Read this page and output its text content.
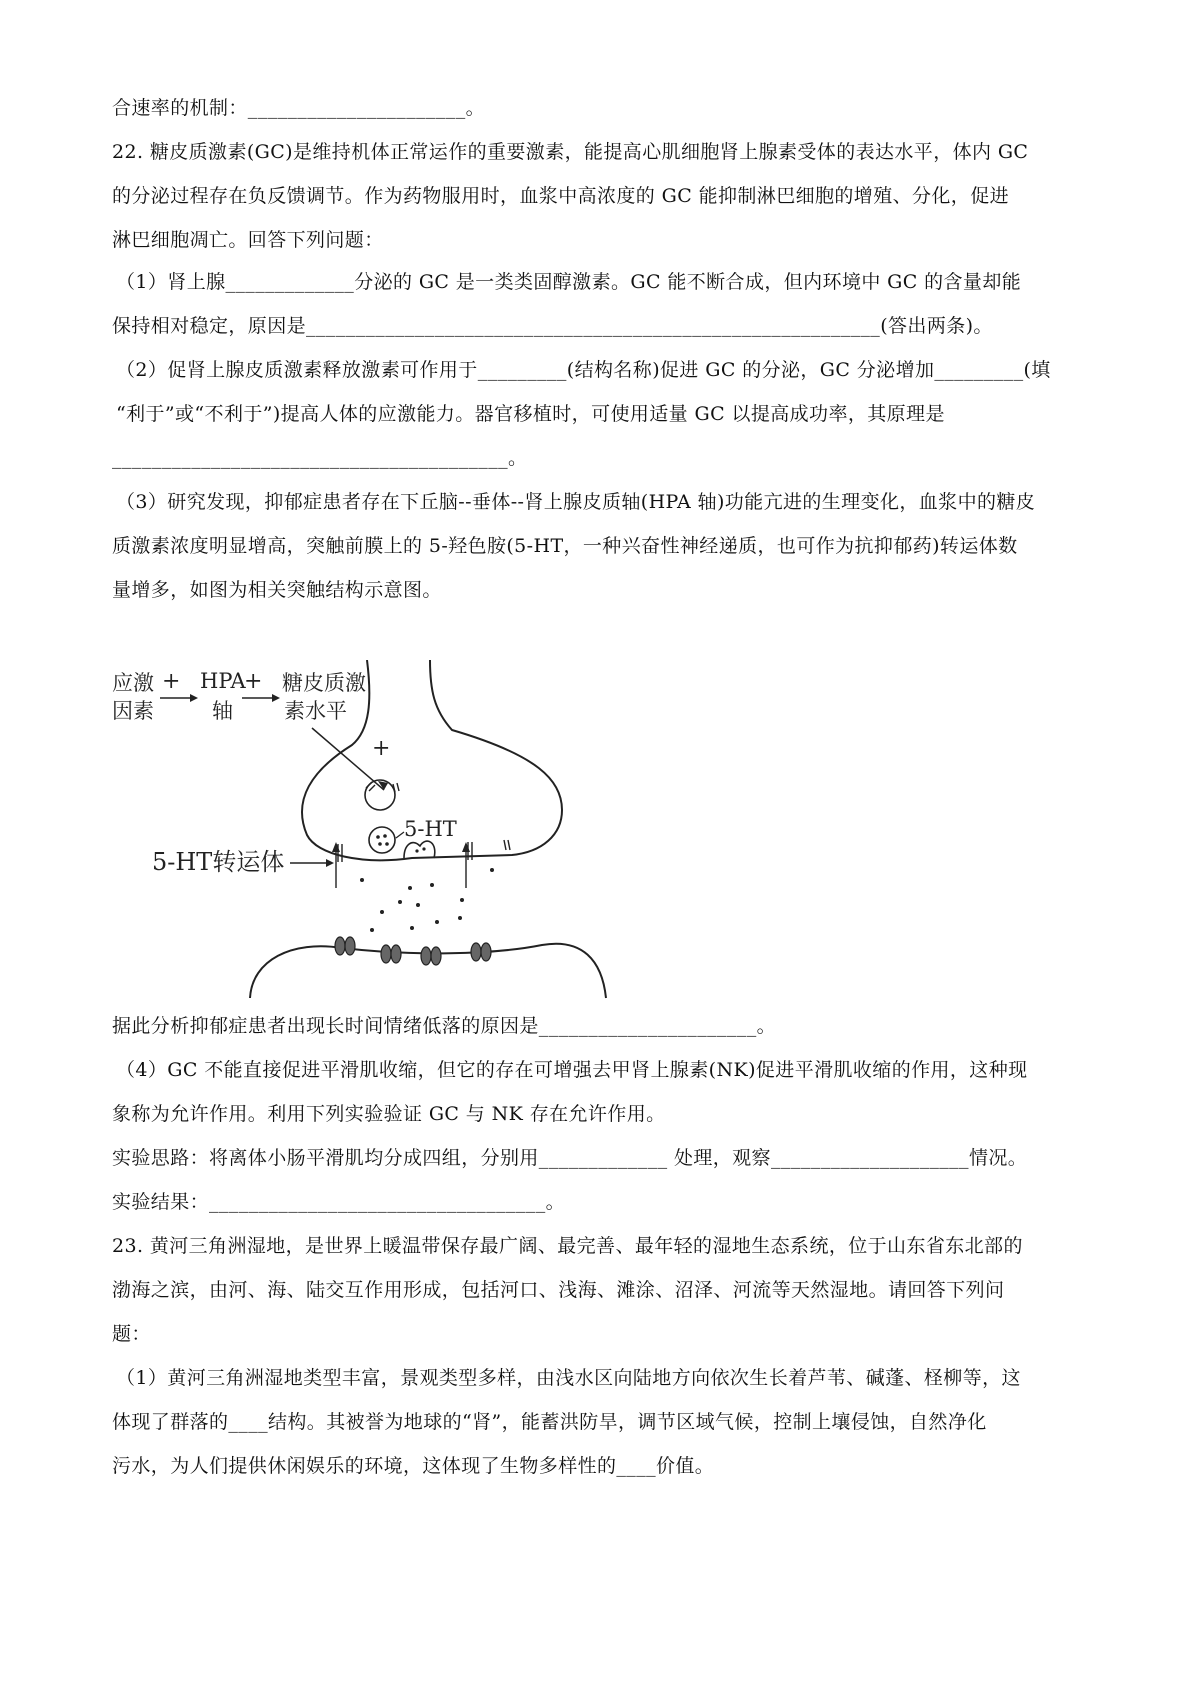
合速率的机制：______________________。
22. 糖皮质激素(GC)是维持机体正常运作的重要激素，能提高心肌细胞肾上腺素受体的表达水平，体内 GC
的分泌过程存在负反馈调节。作为药物服用时，血浆中高浓度的 GC 能抑制淋巴细胞的增殖、分化，促进
淋巴细胞凋亡。回答下列问题：
（1）肾上腺_____________分泌的 GC 是一类类固醇激素。GC 能不断合成，但内环境中 GC 的含量却能
保持相对稳定，原因是__________________________________________________________(答出两条)。
（2）促肾上腺皮质激素释放激素可作用于_________(结构名称)促进 GC 的分泌，GC 分泌增加_________(填
“利于”或“不利于”)提高人体的应激能力。器官移植时，可使用适量 GC 以提高成功率，其原理是
________________________________________。
（3）研究发现，抑郁症患者存在下丘脑--垂体--肾上腺皮质轴(HPA 轴)功能亢进的生理变化，血浆中的糖皮
质激素浓度明显增高，突触前膜上的 5-羟色胺(5-HT，一种兴奋性神经递质，也可作为抗抑郁药)转运体数
量增多，如图为相关突触结构示意图。
应激
因素
+ HPA
轴
+ 糖皮质激
素水平
+
5-HT
5-HT转运体
据此分析抑郁症患者出现长时间情绪低落的原因是______________________。
（4）GC 不能直接促进平滑肌收缩，但它的存在可增强去甲肾上腺素(NK)促进平滑肌收缩的作用，这种现
象称为允许作用。利用下列实验验证 GC 与 NK 存在允许作用。
实验思路：将离体小肠平滑肌均分成四组，分别用_____________ 处理，观察____________________情况。
实验结果：__________________________________。
23. 黄河三角洲湿地，是世界上暖温带保存最广阔、最完善、最年轻的湿地生态系统，位于山东省东北部的
渤海之滨，由河、海、陆交互作用形成，包括河口、浅海、滩涂、沼泽、河流等天然湿地。请回答下列问
题：
（1）黄河三角洲湿地类型丰富，景观类型多样，由浅水区向陆地方向依次生长着芦苇、碱蓬、柽柳等，这
体现了群落的____结构。其被誉为地球的“肾”，能蓄洪防旱，调节区域气候，控制上壤侵蚀，自然净化
污水，为人们提供休闲娱乐的环境，这体现了生物多样性的____价值。
